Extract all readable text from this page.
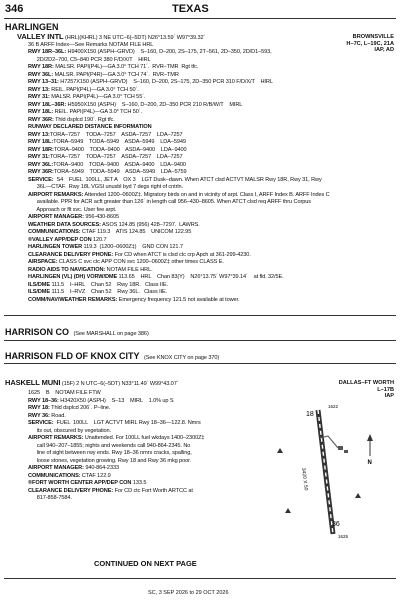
346	TEXAS
HARLINGEN
VALLEY INTL (HRL)(KHRL) 3 NE UTC–6(–5DT) N26°13.59´ W97°39.32´
36 B ARFF Index—See Remarks NOTAM FILE HRL
BROWNSVILLE
H–7C, L–19C, 21A
IAP, AD
RWY 18R–36L: H9400X150 (ASPH–GRVD)    S–160, D–200, 2S–175, 2T–561, 2D–350, 2D/D1–593,
2D/2D2–700, C5–840 PCR 380 F/D/X/T    HIRL
RWY 18R: MALSR. PAPI(P4L)—GA 3.0° TCH 71´.  RVR–TMR  Rgt tfc.
RWY 36L: MALSR. PAPI(P4R)—GA 3.0° TCH 74´.  RVR–TMR
RWY 13–31: H7257X150 (ASPH–GRVD)    S–160, D–200, 2S–175, 2D–350 PCR 310 F/D/X/T    HIRL
RWY 13: REIL. PAPI(P4L)—GA 3.0° TCH 50´.
RWY 31: MALSR. PAPI(P4L)—GA 3.0° TCH 55´.
RWY 18L–36R: H5950X150 (ASPH)    S–160, D–200, 2D–350 PCR 210 R/B/W/T    MIRL
RWY 18L: REIL. PAPI(P4L)—GA 3.0° TCH 50´.
RWY 36R: Thld dsplcd 190´. Rgt tfc.
RUNWAY DECLARED DISTANCE INFORMATION
RWY 13:TORA–7257    TODA–7257    ASDA–7257    LDA–7257
RWY 18L:TORA–5949    TODA–5949    ASDA–5949    LDA–5949
RWY 18R:TORA–9400    TODA–9400    ASDA–9400    LDA–9400
RWY 31:TORA–7257    TODA–7257    ASDA–7257    LDA–7257
RWY 36L:TORA–9400    TODA–9400    ASDA–9400    LDA–9400
RWY 36R:TORA–5949    TODA–5949    ASDA–5949    LDA–5759
SERVICE:  S4    FUEL  100LL, JET A    OX 3    LGT Dusk–dawn. When ATCT clsd ACTVT MALSR Rwy 18R, Rwy 31, Rwy
36L—CTAF.  Rwy 18L VGSI unusbl byd 7 degs right of cntrln.
AIRPORT REMARKS: Attended 1200–0600Z‡. Migratory birds on and in vicinity of arpt. Class I, ARFF Index B. ARFF Index C
available. PPR for ACR acft greater than 126´ in length call 956–430–8605. When ATCT clsd req ARFF thru Corpus
Approach or flt svc. User fee arpt.
AIRPORT MANAGER: 956-430-8605
WEATHER DATA SOURCES: ASOS 124.85 (956) 428–7297.  LAWRS.
COMMUNICATIONS: CTAF 119.3    ATIS 124.85    UNICOM 122.95
®VALLEY APP/DEP CON 120.7
HARLINGEN TOWER 119.3  (1200–0600Z‡)    GND CON 121.7
CLEARANCE DELIVERY PHONE: For CD when ATCT is clsd ctc crp Apch at 361-299-4230.
AIRSPACE: CLASS C svc ctc APP CON svc 1200–0600Z‡ other times CLASS E.
RADIO AIDS TO NAVIGATION: NOTAM FILE HRL.
HARLINGEN (VL) (DH) VORW/DME 113.65    HRL    Chan 83(Y)    N26°13.75´ W97°39.14´    at fld. 32/5E.
ILS/DME 111.5    I–HRL    Chan 52    Rwy 18R.   Class IIE.
ILS/DME 111.5    I–RVZ    Chan 52    Rwy 36L.   Class IIE.
COMM/NAV/WEATHER REMARKS: Emergency frequency 121.5 not available at tower.
HARRISON CO (See MARSHALL on page 386)
HARRISON FLD OF KNOX CITY (See KNOX CITY on page 370)
HASKELL MUNI (15F) 2 N UTC–6(–5DT) N33°11.49´ W99°43.07´	DALLAS–FT WORTH
L–17B
IAP
1625    B    NOTAM FILE FTW
RWY 18–36: H3420X50 (ASPH)    S–13    MIRL    1.0% up S
RWY 18: Thld dsplcd 206´. P–line.
RWY 36: Road.
SERVICE:  FUEL  100LL    LGT ACTVT MIRL Rwy 18–36—122.8. Nmrs
its out, obscured by vegetation.
AIRPORT REMARKS: Unattended. For 100LL fuel wkdays 1400–2300Z‡
call 940–207–1855; nights and weekends call 940-864-2345. No
line of sight between rwy ends. Rwy 18–36 nmrs cracks, spalling,
loose stones, vegetation growing. Rwy 18 and Rwy 36 mkg poor.
AIRPORT MANAGER: 940-864-2333
COMMUNICATIONS: CTAF 122.9
®FORT WORTH CENTER APP/DEP CON 133.5
CLEARANCE DELIVERY PHONE: For CD ctc Fort Worth ARTCC at
817-858-7584.
18
36
3420 X 50
1622
1625
N
CONTINUED ON NEXT PAGE
SC, 3 SEP 2026 to 29 OCT 2026
